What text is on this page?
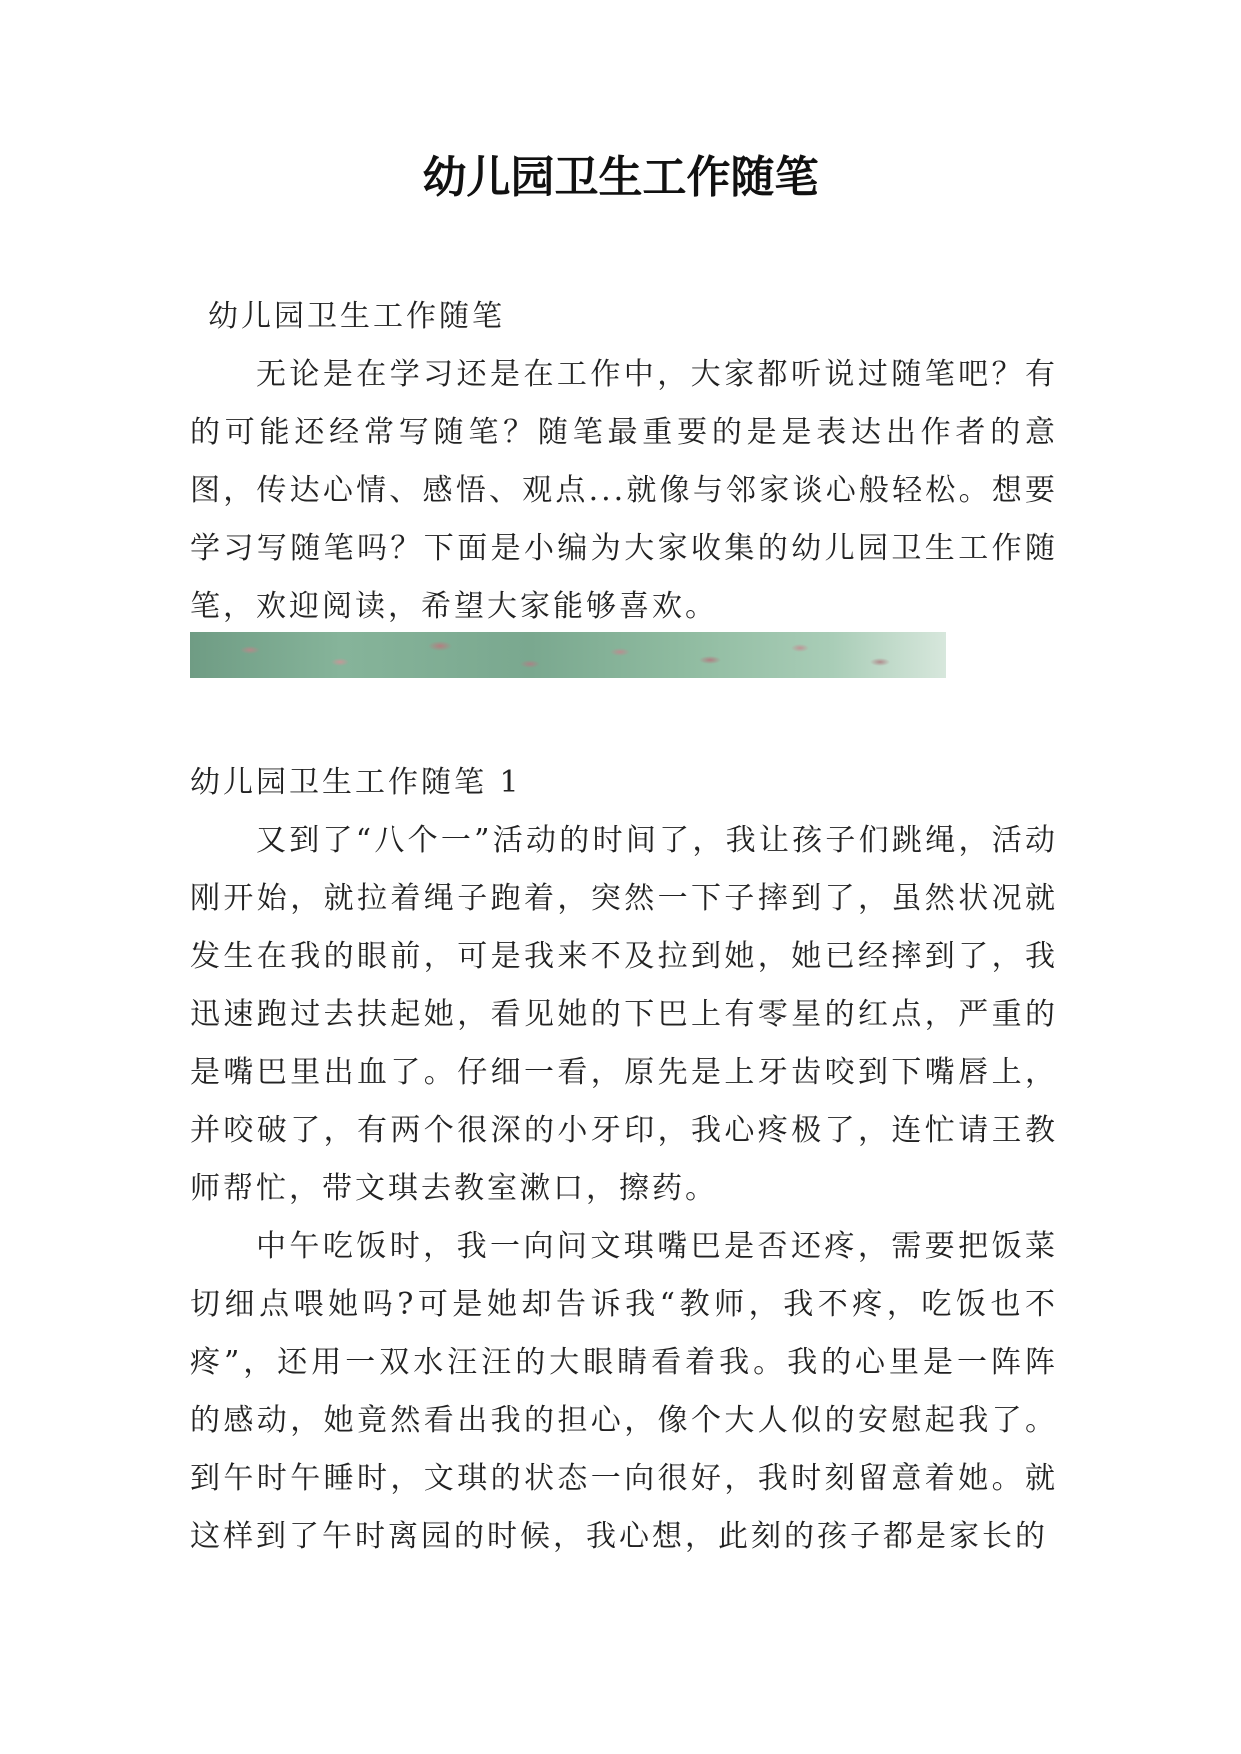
幼儿园卫生工作随笔
幼儿园卫生工作随笔

无论是在学习还是在工作中，大家都听说过随笔吧？有的可能还经常写随笔？随笔最重要的是是表达出作者的意图，传达心情、感悟、观点...就像与邻家谈心般轻松。想要学习写随笔吗？下面是小编为大家收集的幼儿园卫生工作随笔，欢迎阅读，希望大家能够喜欢。

幼儿园卫生工作随笔 1

又到了“八个一”活动的时间了，我让孩子们跳绳，活动刚开始，就拉着绳子跑着，突然一下子摔到了，虽然状况就发生在我的眼前，可是我来不及拉到她，她已经摔到了，我迅速跑过去扶起她，看见她的下巴上有零星的红点，严重的是嘴巴里出血了。仔细一看，原先是上牙齿咬到下嘴唇上，并咬破了，有两个很深的小牙印，我心疼极了，连忙请王教师帮忙，带文琪去教室漱口，擦药。

中午吃饭时，我一向问文琪嘴巴是否还疼，需要把饭菜切细点喂她吗?可是她却告诉我“教师，我不疼，吃饭也不疼”，还用一双水汪汪的大眼睛看着我。我的心里是一阵阵的感动，她竟然看出我的担心，像个大人似的安慰起我了。到午时午睡时，文琪的状态一向很好，我时刻留意着她。就这样到了午时离园的时候，我心想，此刻的孩子都是家长的
